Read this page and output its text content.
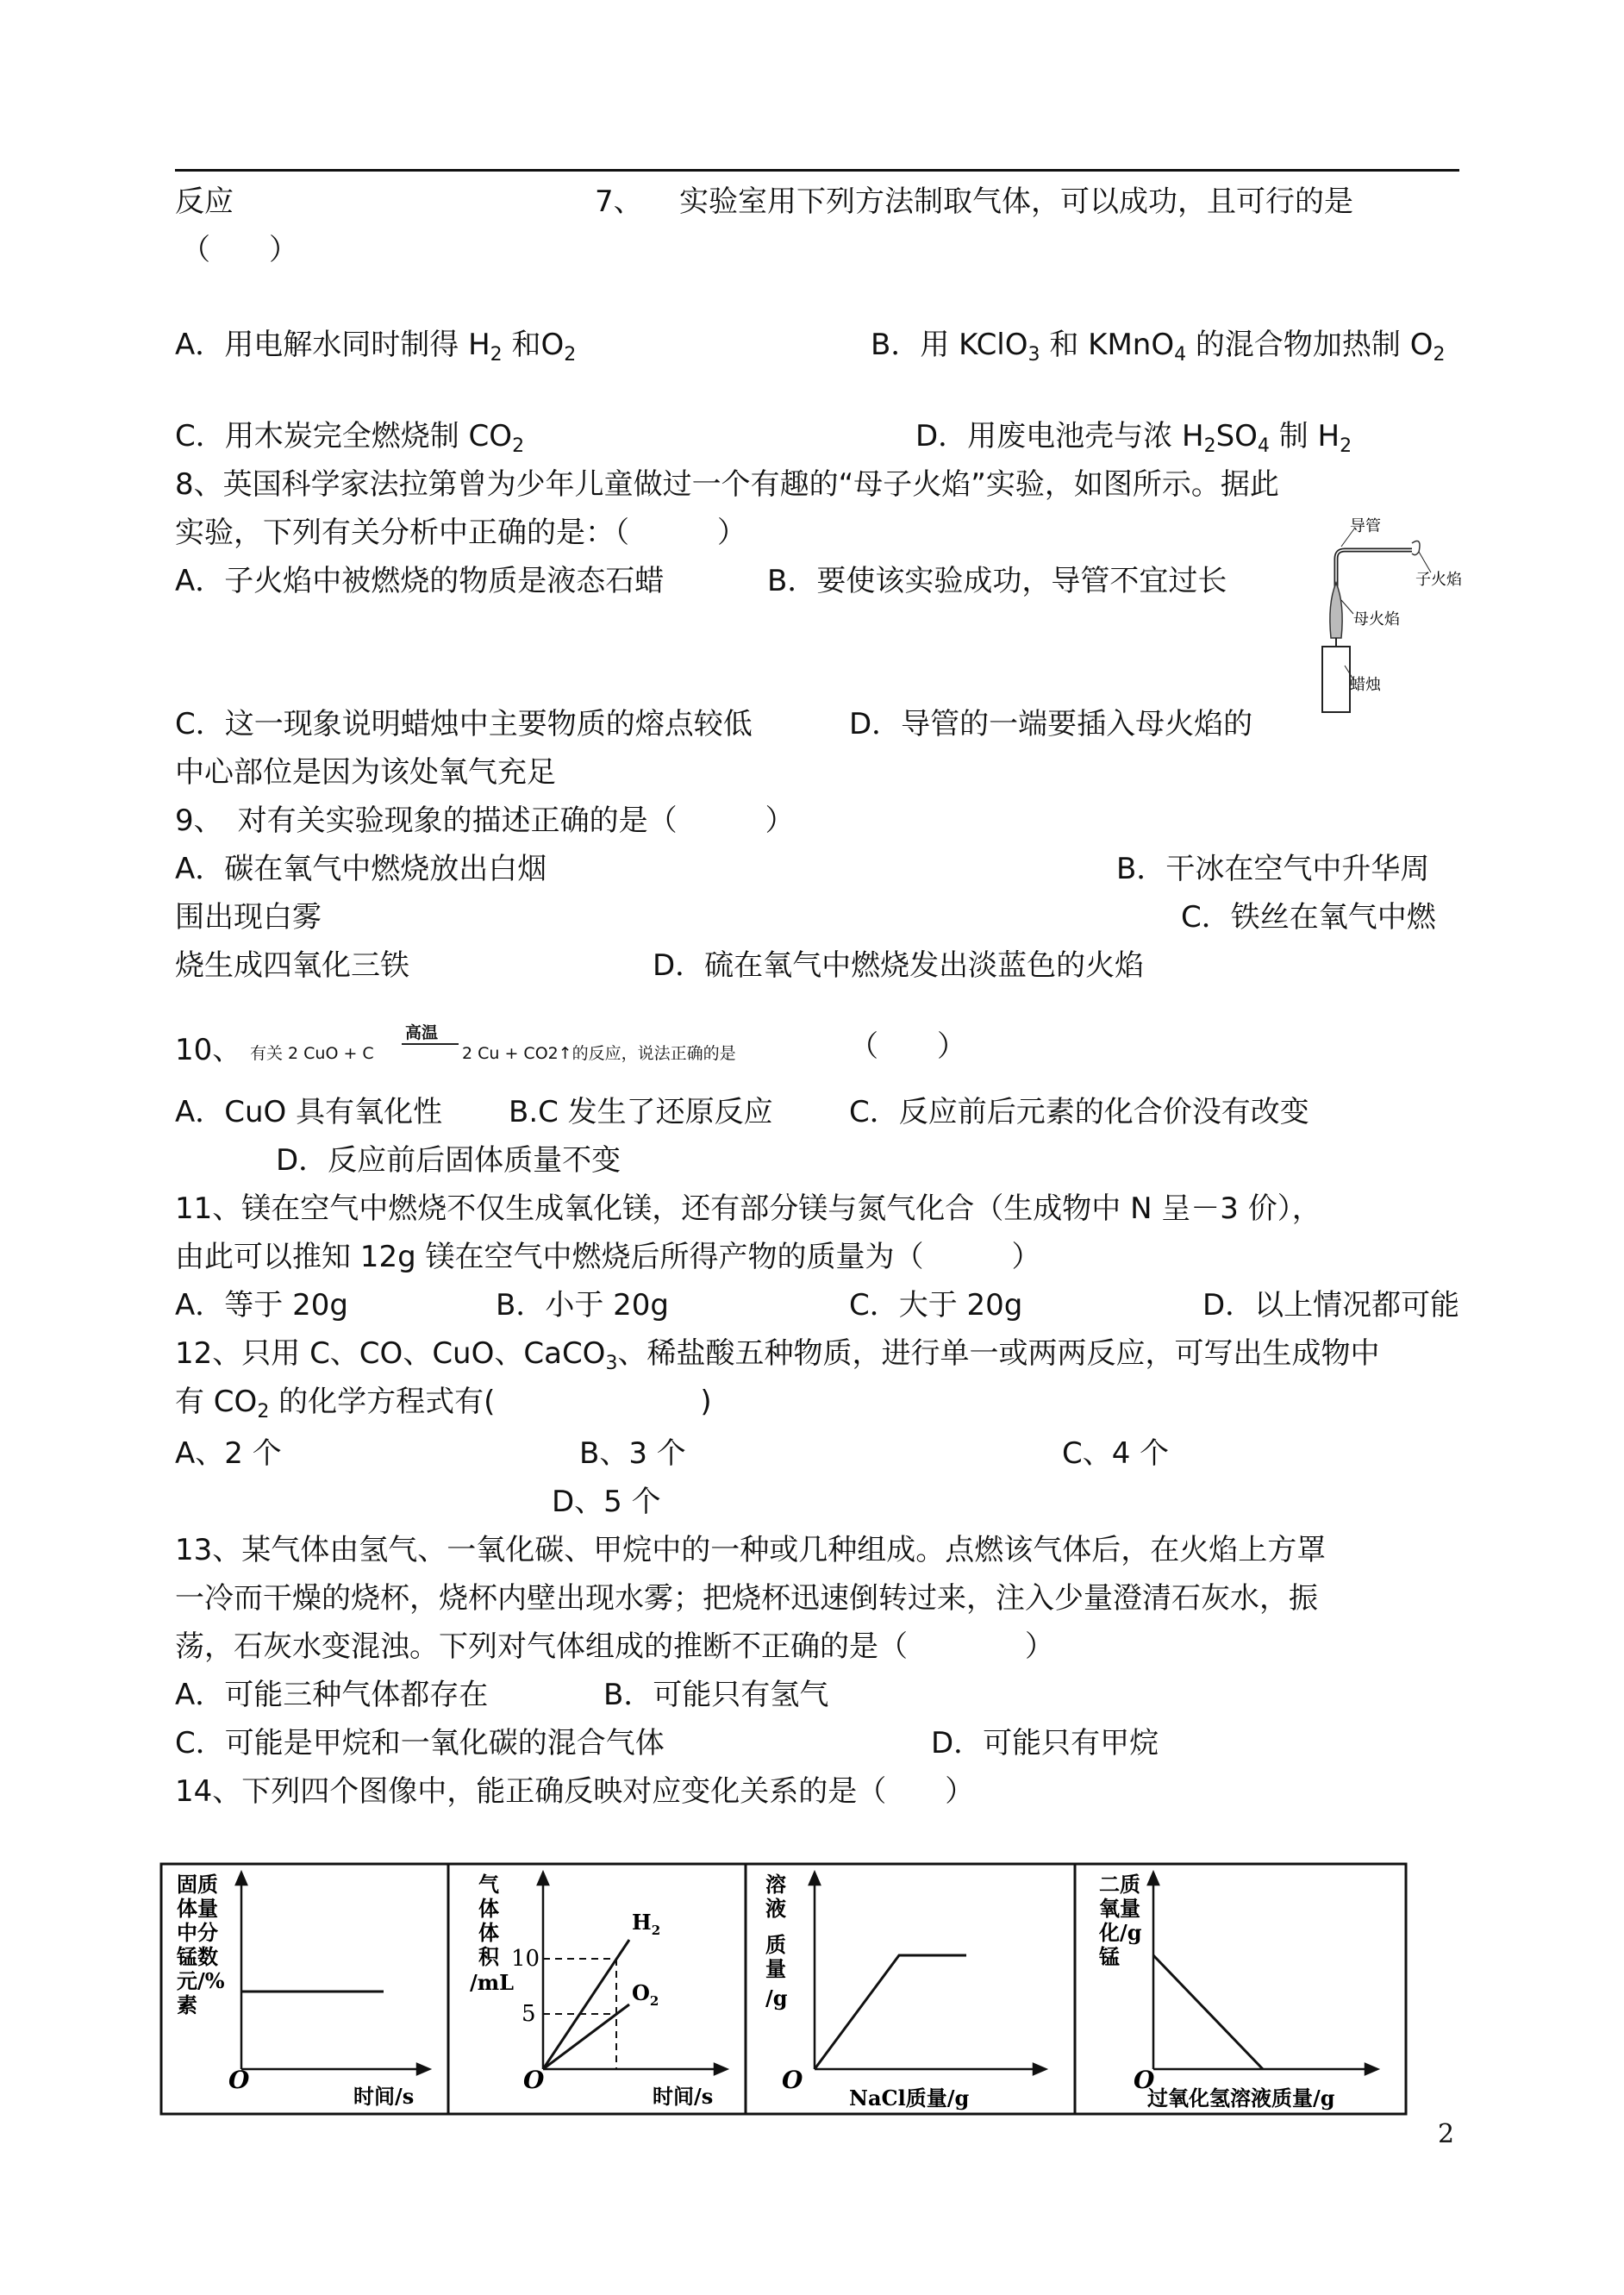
反应	7、 实验室用下列方法制取气体，可以成功，且可行的是
（　　）
A．用电解水同时制得 $H_2$ 和$O_2$	B．用 KClO$_3$ 和 KMnO$_4$ 的混合物加热制 $O_2$
C．用木炭完全燃烧制 $CO_2$	D．用废电池壳与浓 $H_2SO_4$ 制 $H_2$
8、英国科学家法拉第曾为少年儿童做过一个有趣的“母子火焰”实验，如图所示。据此
实验，下列有关分析中正确的是：（　　　）
A．子火焰中被燃烧的物质是液态石蜡	B．要使该实验成功，导管不宜过长
C．这一现象说明蜡烛中主要物质的熔点较低	D．导管的一端要插入母火焰的
中心部位是因为该处氧气充足
导管
子火焰
母火焰
蜡烛
9、　对有关实验现象的描述正确的是（　　　）
A．碳在氧气中燃烧放出白烟	B．干冰在空气中升华周
围出现白雾	C．铁丝在氧气中燃
烧生成四氧化三铁	D．硫在氧气中燃烧发出淡蓝色的火焰
10、 有关 2 CuO + C
高温
2 Cu + CO2↑的反应，说法正确的是	（　　）
A．CuO 具有氧化性 B.C 发生了还原反应	C．反应前后元素的化合价没有改变
D．反应前后固体质量不变
11、镁在空气中燃烧不仅生成氧化镁，还有部分镁与氮气化合（生成物中 N 呈－3 价），
由此可以推知 12g 镁在空气中燃烧后所得产物的质量为（　　　）
A．等于 20g	B．小于 20g	C．大于 20g	D．以上情况都可能
12、只用 C、CO、CuO、CaCO$_3$、稀盐酸五种物质，进行单一或两两反应，可写出生成物中
有 $CO_2$ 的化学方程式有(　　　　　　　)
A、2 个	B、3 个	C、4 个
D、5 个
13、某气体由氢气、一氧化碳、甲烷中的一种或几种组成。点燃该气体后，在火焰上方罩
一冷而干燥的烧杯，烧杯内壁出现水雾；把烧杯迅速倒转过来，注入少量澄清石灰水，振
荡，石灰水变混浊。下列对气体组成的推断不正确的是（　　　　）
A．可能三种气体都存在	B．可能只有氢气
C．可能是甲烷和一氧化碳的混合气体	D．可能只有甲烷
14、下列四个图像中，能正确反映对应变化关系的是（　　）
固质体量中分锰数元/%素
O
时间/s
气体体积/mL
10
5
$H_2$
$O_2$
O
时间/s
溶液质量/g
O
NaCl质量/g
二质氧量化/g 锰
O
过氧化氢溶液质量/g
2
